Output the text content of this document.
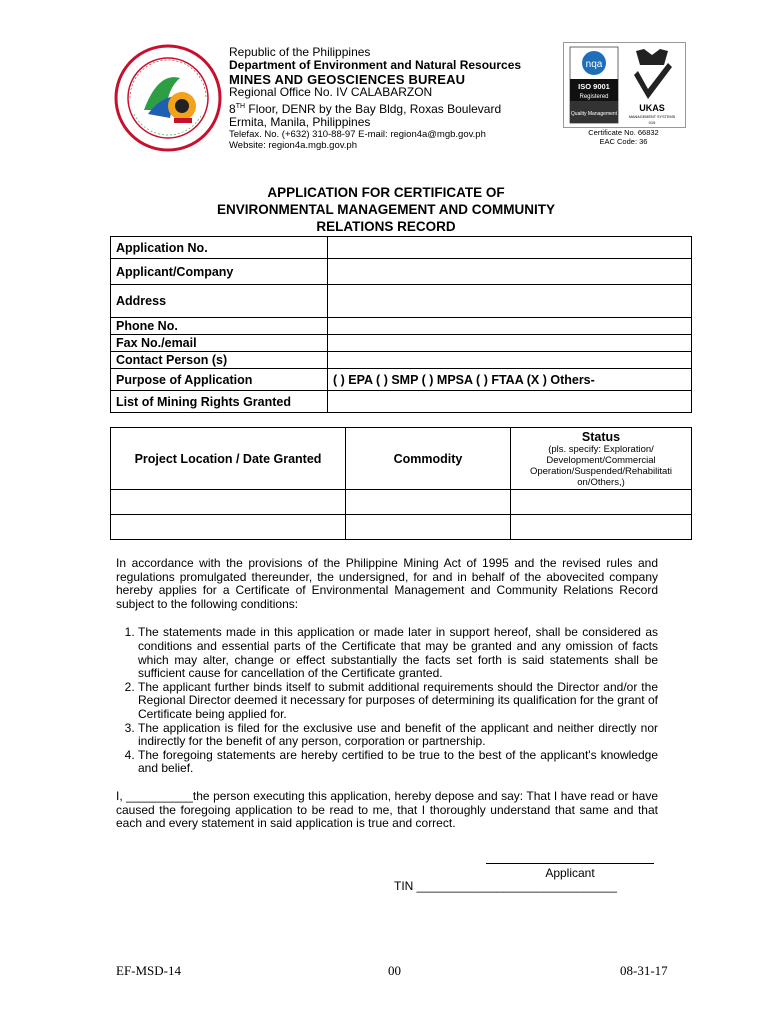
Republic of the Philippines
Department of Environment and Natural Resources
MINES AND GEOSCIENCES BUREAU
Regional Office No. IV CALABARZON
8TH Floor, DENR by the Bay Bldg, Roxas Boulevard
Ermita, Manila, Philippines
Telefax. No. (+632) 310-88-97 E-mail: region4a@mgb.gov.ph
Website: region4a.mgb.gov.ph
nqa
ISO 9001
Registered
Quality Management
UKAS
MANAGEMENT SYSTEMS
015
Certificate No. 66832
EAC Code: 36
APPLICATION FOR CERTIFICATE OF
ENVIRONMENTAL MANAGEMENT AND COMMUNITY
RELATIONS RECORD
Application No.	
Applicant/Company	
Address	
Phone No.	
Fax No./email	
Contact Person (s)	
Purpose of Application	( ) EPA ( ) SMP ( ) MPSA ( ) FTAA (X ) Others-
List of Mining Rights Granted	
Project Location / Date Granted	Commodity	Status
(pls. specify: Exploration/ Development/Commercial Operation/Suspended/Rehabilitati on/Others,)

In accordance with the provisions of the Philippine Mining Act of 1995 and the revised rules and regulations promulgated thereunder, the undersigned, for and in behalf of the abovecited company hereby applies for a Certificate of Environmental Management and Community Relations Record subject to the following conditions:

1. The statements made in this application or made later in support hereof, shall be considered as conditions and essential parts of the Certificate that may be granted and any omission of facts which may alter, change or effect substantially the facts set forth is said statements shall be sufficient cause for cancellation of the Certificate granted.
2. The applicant further binds itself to submit additional requirements should the Director and/or the Regional Director deemed it necessary for purposes of determining its qualification for the grant of Certificate being applied for.
3. The application is filed for the exclusive use and benefit of the applicant and neither directly nor indirectly for the benefit of any person, corporation or partnership.
4. The foregoing statements are hereby certified to be true to the best of the applicant's knowledge and belief.

I, __________the person executing this application, hereby depose and say: That I have read or have caused the foregoing application to be read to me, that I thoroughly understand that same and that each and every statement in said application is true and correct.

Applicant
TIN ______________________________
EF-MSD-14	00	08-31-17
